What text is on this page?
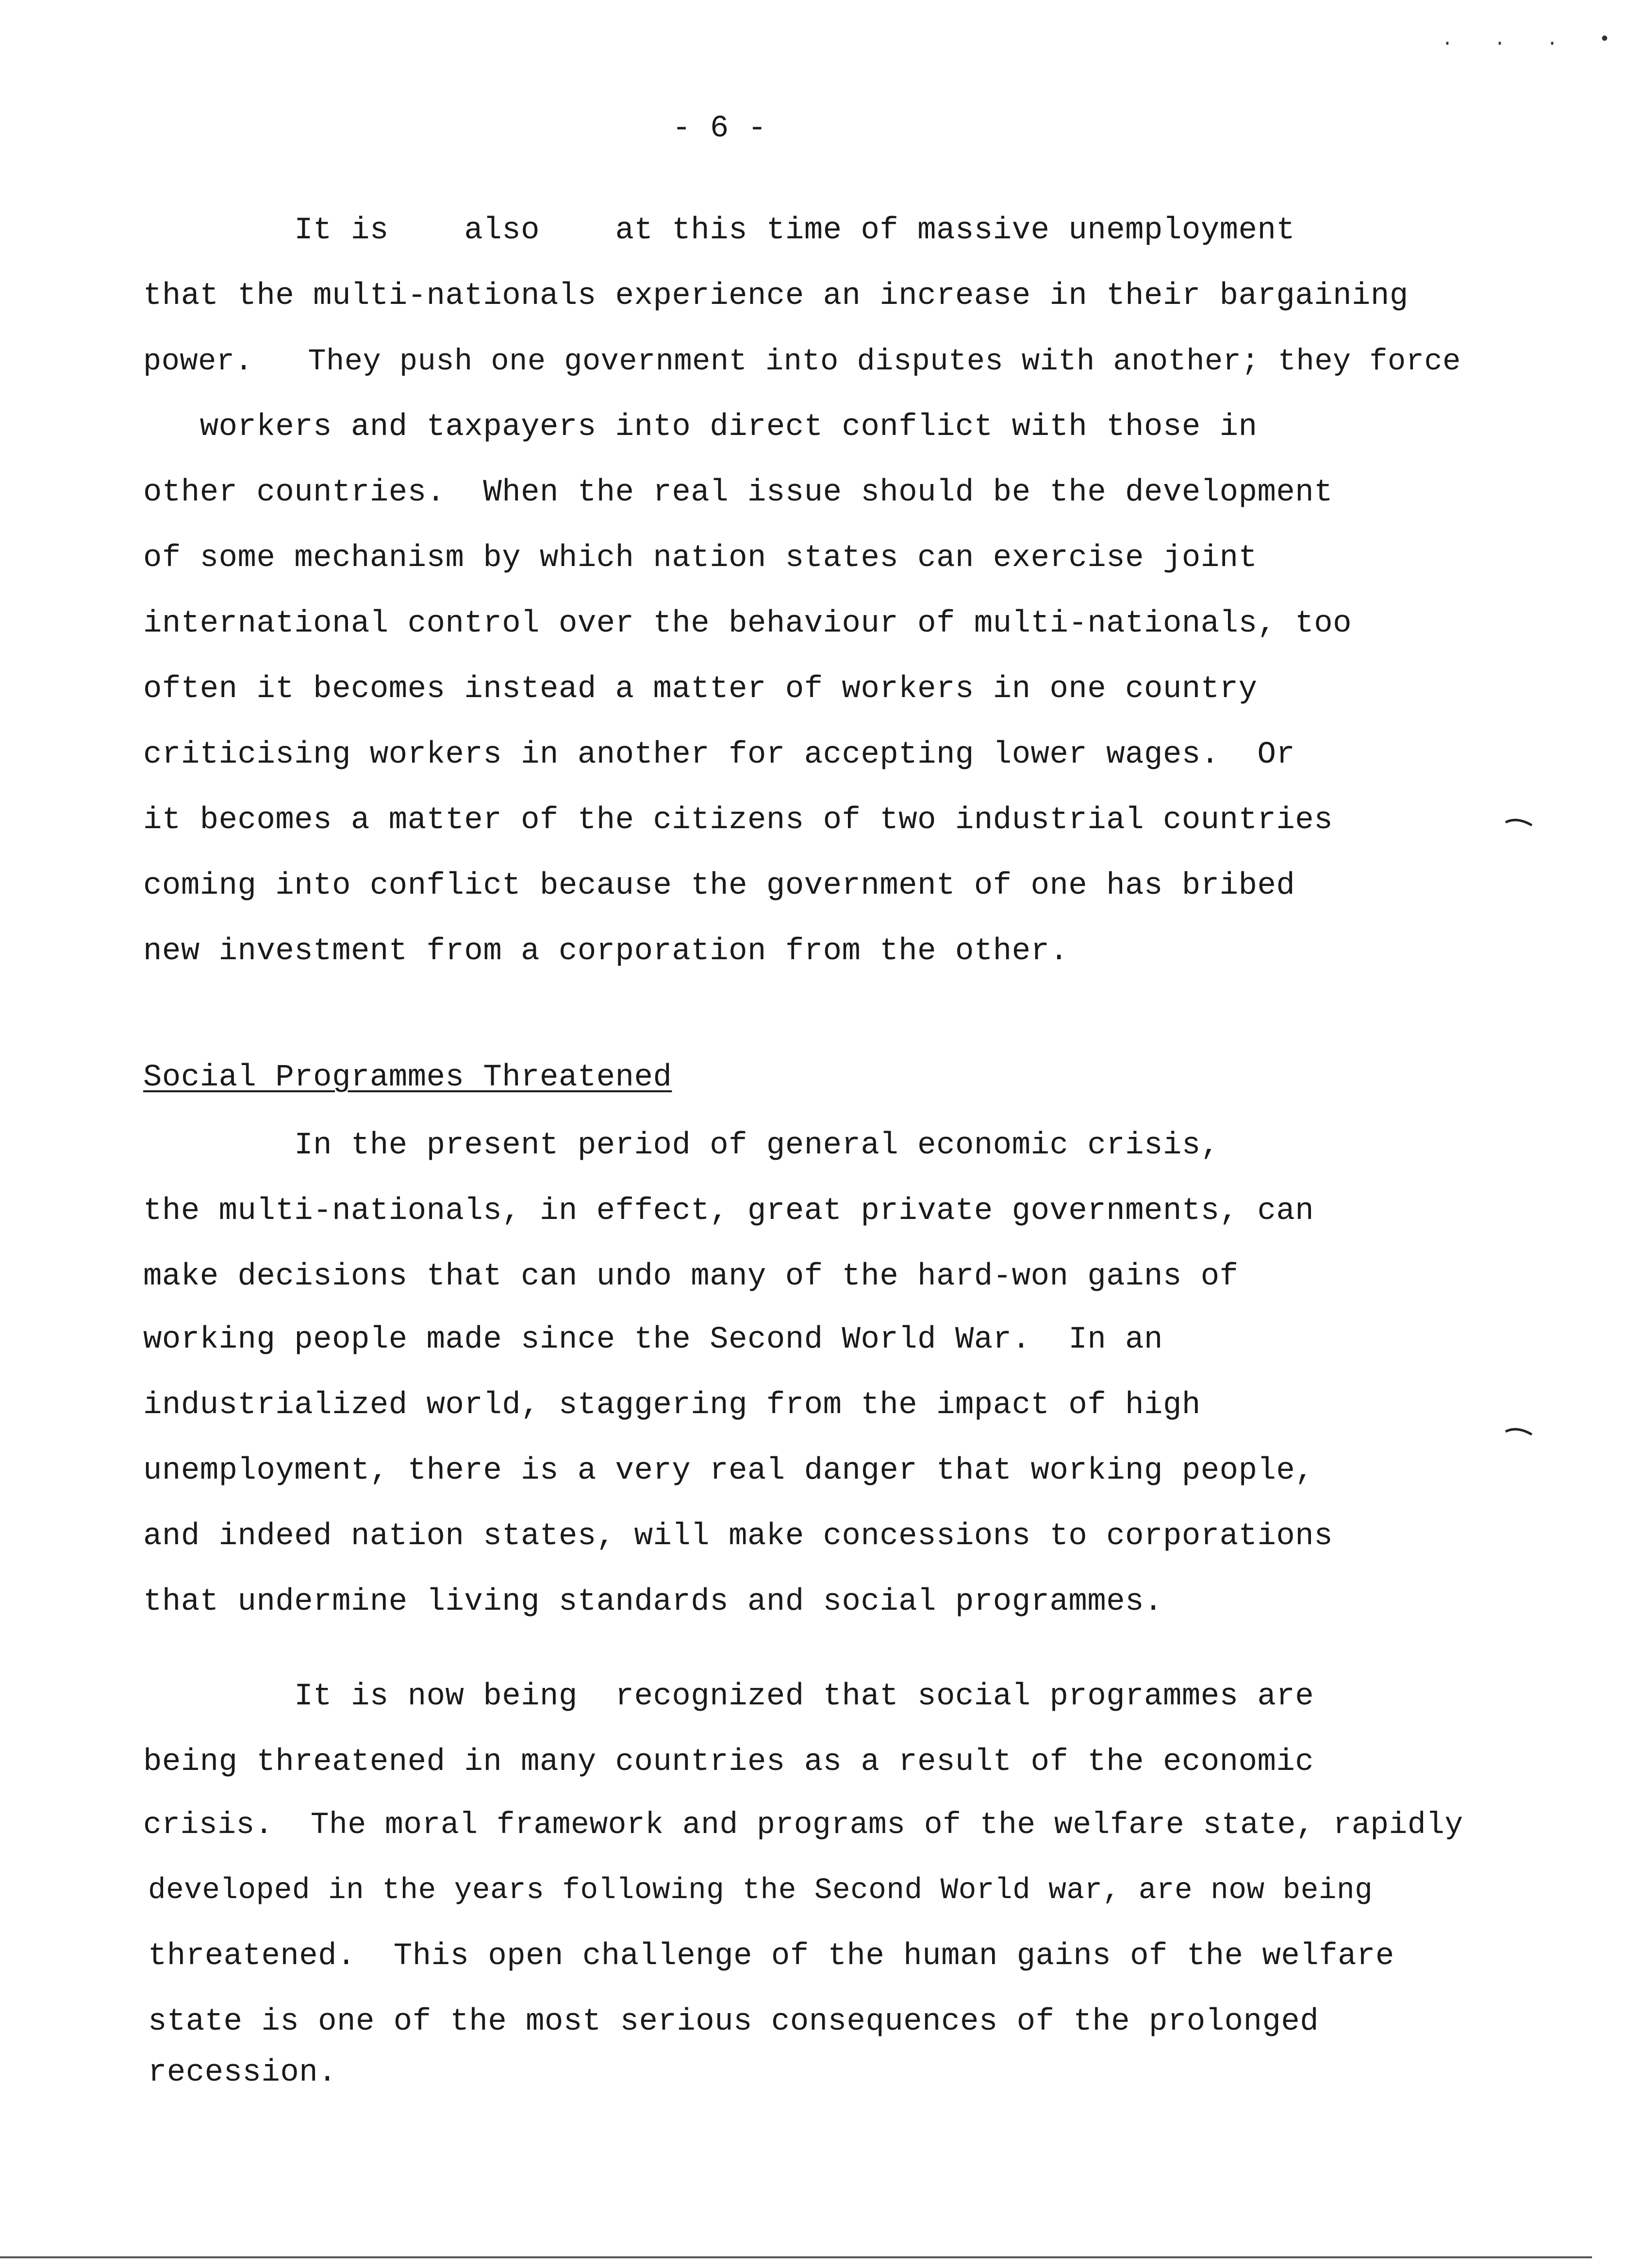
. . . •
- 6 -
It is    also    at this time of massive unemployment
that the multi-nationals experience an increase in their bargaining
power.   They push one government into disputes with another; they force
workers and taxpayers into direct conflict with those in
other countries.  When the real issue should be the development
of some mechanism by which nation states can exercise joint
international control over the behaviour of multi-nationals, too
often it becomes instead a matter of workers in one country
criticising workers in another for accepting lower wages.  Or
it becomes a matter of the citizens of two industrial countries
coming into conflict because the government of one has bribed
new investment from a corporation from the other.
Social Programmes Threatened
In the present period of general economic crisis,
the multi-nationals, in effect, great private governments, can
make decisions that can undo many of the hard-won gains of
working people made since the Second World War.  In an
industrialized world, staggering from the impact of high
unemployment, there is a very real danger that working people,
and indeed nation states, will make concessions to corporations
that undermine living standards and social programmes.
It is now being  recognized that social programmes are
being threatened in many countries as a result of the economic
crisis.  The moral framework and programs of the welfare state, rapidly
developed in the years following the Second World war, are now being
threatened.  This open challenge of the human gains of the welfare
state is one of the most serious consequences of the prolonged
recession.
